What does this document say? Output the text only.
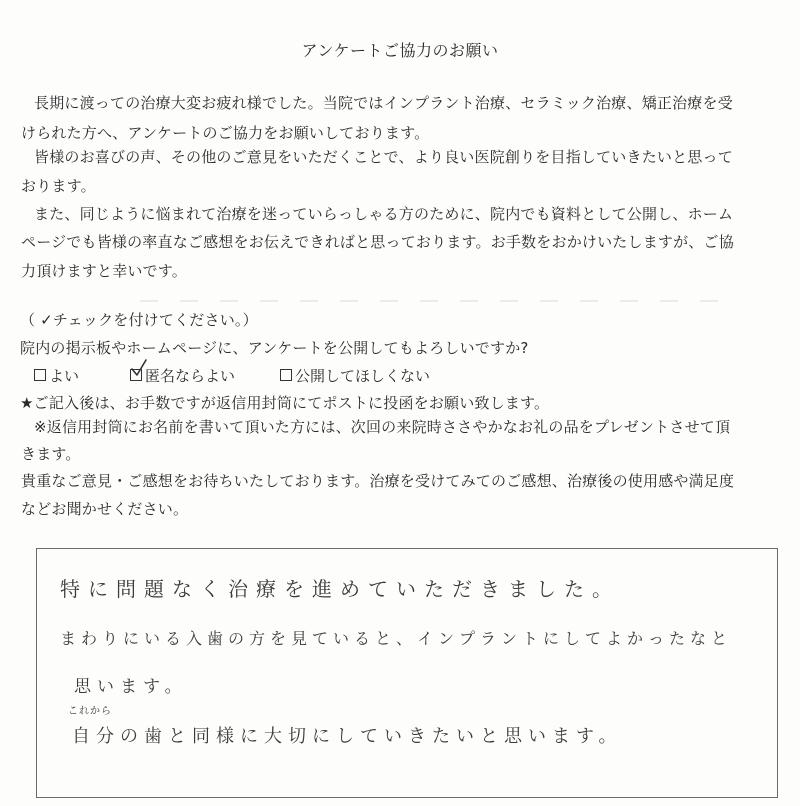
アンケートご協力のお願い
長期に渡っての治療大変お疲れ様でした。当院ではインプラント治療、セラミック治療、矯正治療を受
けられた方へ、アンケートのご協力をお願いしております。
皆様のお喜びの声、その他のご意見をいただくことで、より良い医院創りを目指していきたいと思って
おります。
また、同じように悩まれて治療を迷っていらっしゃる方のために、院内でも資料として公開し、ホーム
ページでも皆様の率直なご感想をお伝えできればと思っております。お手数をおかけいたしますが、ご協
力頂けますと幸いです。
（ ✓チェックを付けてください。）
院内の掲示板やホームページに、アンケートを公開してもよろしいですか?
よい	匿名ならよい	公開してほしくない
★ご記入後は、お手数ですが返信用封筒にてポストに投函をお願い致します。
※返信用封筒にお名前を書いて頂いた方には、次回の来院時ささやかなお礼の品をプレゼントさせて頂
きます。
貴重なご意見・ご感想をお待ちいたしております。治療を受けてみてのご感想、治療後の使用感や満足度
などお聞かせください。
特に問題なく治療を進めていただきました。
まわりにいる入歯の方を見ていると、インプラントにしてよかったなと
思います。
これから
自分の歯と同様に大切にしていきたいと思います。
